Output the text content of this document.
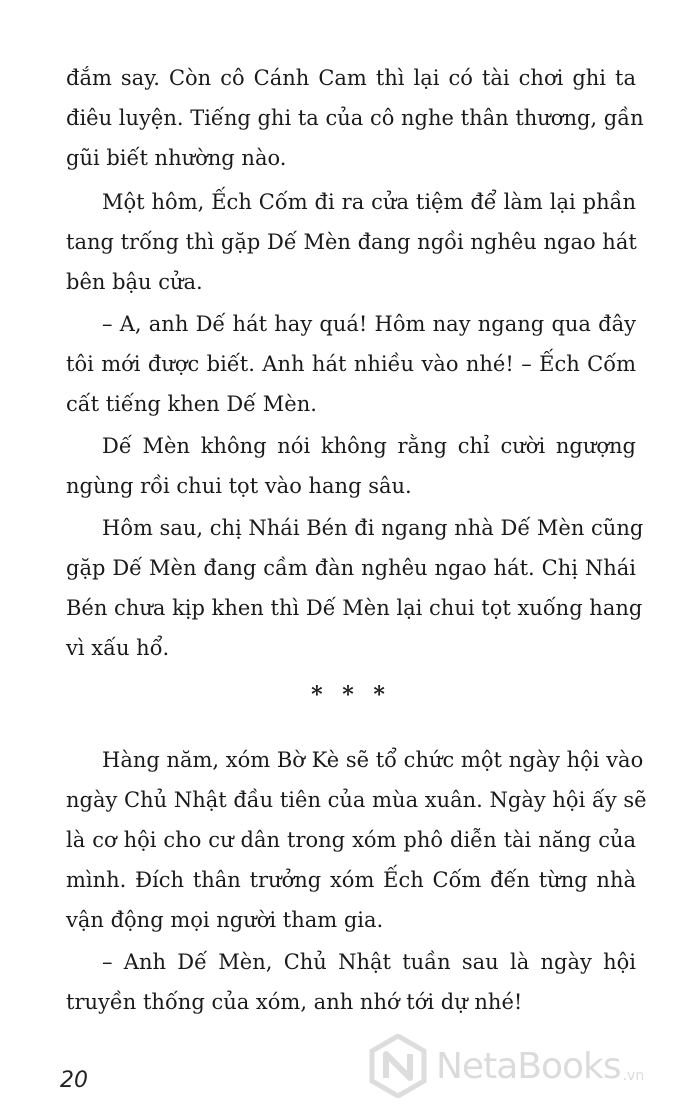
đắm say. Còn cô Cánh Cam thì lại có tài chơi ghi ta
điêu luyện. Tiếng ghi ta của cô nghe thân thương, gần
gũi biết nhường nào.
Một hôm, Ếch Cốm đi ra cửa tiệm để làm lại phần
tang trống thì gặp Dế Mèn đang ngồi nghêu ngao hát
bên bậu cửa.
– A, anh Dế hát hay quá! Hôm nay ngang qua đây
tôi mới được biết. Anh hát nhiều vào nhé! – Ếch Cốm
cất tiếng khen Dế Mèn.
Dế Mèn không nói không rằng chỉ cười ngượng
ngùng rồi chui tọt vào hang sâu.
Hôm sau, chị Nhái Bén đi ngang nhà Dế Mèn cũng
gặp Dế Mèn đang cầm đàn nghêu ngao hát. Chị Nhái
Bén chưa kịp khen thì Dế Mèn lại chui tọt xuống hang
vì xấu hổ.
* * *
Hàng năm, xóm Bờ Kè sẽ tổ chức một ngày hội vào
ngày Chủ Nhật đầu tiên của mùa xuân. Ngày hội ấy sẽ
là cơ hội cho cư dân trong xóm phô diễn tài năng của
mình. Đích thân trưởng xóm Ếch Cốm đến từng nhà
vận động mọi người tham gia.
– Anh Dế Mèn, Chủ Nhật tuần sau là ngày hội
truyền thống của xóm, anh nhớ tới dự nhé!
20	NetaBooks .vn
